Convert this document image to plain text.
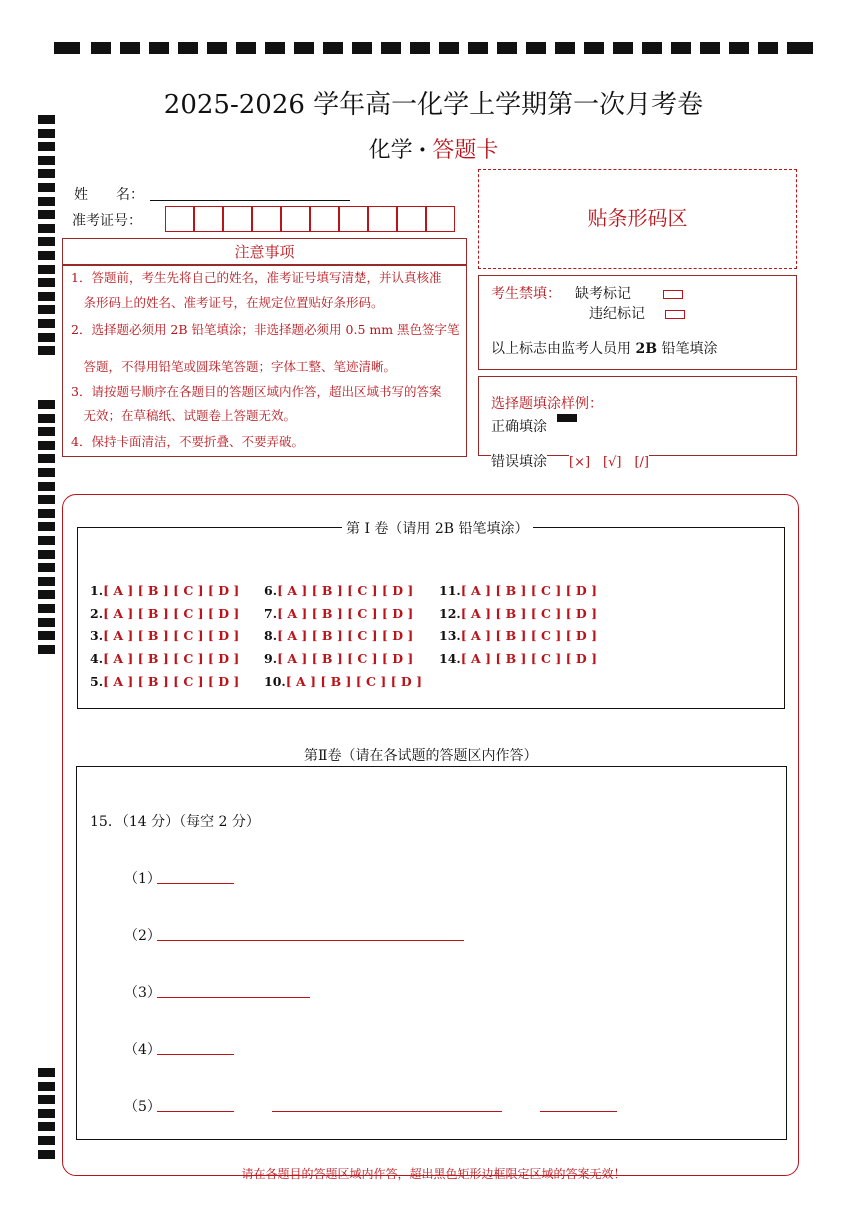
2025-2026 学年高一化学上学期第一次月考卷
化学 · 答题卡
姓　　名：
准考证号：
注意事项
1．答题前，考生先将自己的姓名，准考证号填写清楚，并认真核准
　条形码上的姓名、准考证号，在规定位置贴好条形码。
2．选择题必须用 2B 铅笔填涂；非选择题必须用 0.5 mm 黑色签字笔
　答题，不得用铅笔或圆珠笔答题；字体工整、笔迹清晰。
3．请按题号顺序在各题目的答题区域内作答，超出区域书写的答案
　无效；在草稿纸、试题卷上答题无效。
4．保持卡面清洁，不要折叠、不要弄破。
贴条形码区
考生禁填： 缺考标记
违纪标记
以上标志由监考人员用 2B 铅笔填涂
选择题填涂样例：
正确填涂
错误填涂 [×]　[√]　[/]
第 I 卷（请用 2B 铅笔填涂）
1.[ A ] [ B ] [ C ] [ D ]
2.[ A ] [ B ] [ C ] [ D ]
3.[ A ] [ B ] [ C ] [ D ]
4.[ A ] [ B ] [ C ] [ D ]
5.[ A ] [ B ] [ C ] [ D ]
6.[ A ] [ B ] [ C ] [ D ]
7.[ A ] [ B ] [ C ] [ D ]
8.[ A ] [ B ] [ C ] [ D ]
9.[ A ] [ B ] [ C ] [ D ]
10.[ A ] [ B ] [ C ] [ D ]
11.[ A ] [ B ] [ C ] [ D ]
12.[ A ] [ B ] [ C ] [ D ]
13.[ A ] [ B ] [ C ] [ D ]
14.[ A ] [ B ] [ C ] [ D ]
第Ⅱ卷（请在各试题的答题区内作答）
15．（14 分）（每空 2 分）
（1）
（2）
（3）
（4）
（5）
请在各题目的答题区域内作答，超出黑色矩形边框限定区域的答案无效！
